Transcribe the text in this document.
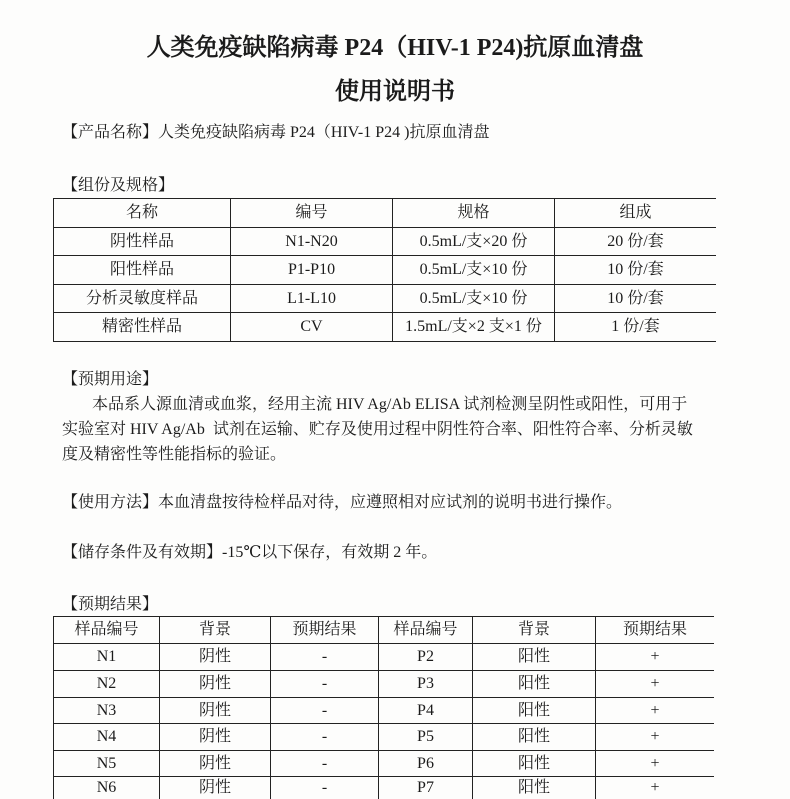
人类免疫缺陷病毒 P24（HIV-1 P24)抗原血清盘
使用说明书
【产品名称】人类免疫缺陷病毒 P24（HIV-1 P24 )抗原血清盘
【组份及规格】
名称	编号	规格	组成
阴性样品	N1-N20	0.5mL/支×20 份	20 份/套
阳性样品	P1-P10	0.5mL/支×10 份	10 份/套
分析灵敏度样品	L1-L10	0.5mL/支×10 份	10 份/套
精密性样品	CV	1.5mL/支×2 支×1 份	1 份/套
【预期用途】
本品系人源血清或血浆，经用主流 HIV Ag/Ab ELISA 试剂检测呈阴性或阳性，可用于
实验室对 HIV Ag/Ab  试剂在运输、贮存及使用过程中阴性符合率、阳性符合率、分析灵敏
度及精密性等性能指标的验证。
【使用方法】本血清盘按待检样品对待，应遵照相对应试剂的说明书进行操作。
【储存条件及有效期】-15℃以下保存，有效期 2 年。
【预期结果】
样品编号	背景	预期结果	样品编号	背景	预期结果
N1	阴性	-	P2	阳性	+
N2	阴性	-	P3	阳性	+
N3	阴性	-	P4	阳性	+
N4	阴性	-	P5	阳性	+
N5	阴性	-	P6	阳性	+
N6	阴性	-	P7	阳性	+
